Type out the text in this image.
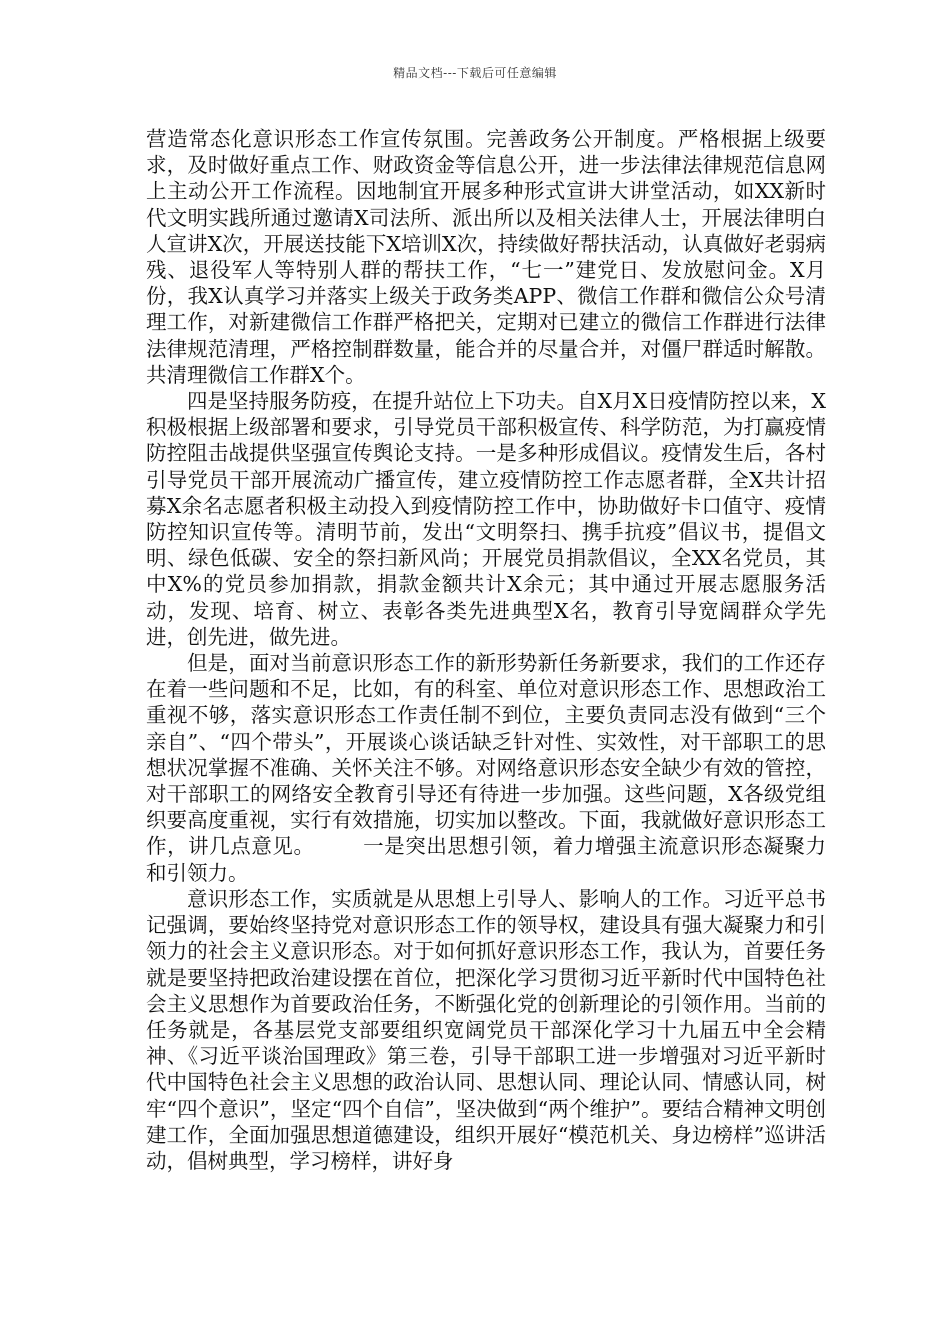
精品文档---下载后可任意编辑

营造常态化意识形态工作宣传氛围。完善政务公开制度。严格根据上级要求，及时做好重点工作、财政资金等信息公开，进一步法律法律规范信息网上主动公开工作流程。因地制宜开展多种形式宣讲大讲堂活动，如XX新时代文明实践所通过邀请X司法所、派出所以及相关法律人士，开展法律明白人宣讲X次，开展送技能下X培训X次，持续做好帮扶活动，认真做好老弱病残、退役军人等特别人群的帮扶工作，“七一”建党日、发放慰问金。X月份，我X认真学习并落实上级关于政务类APP、微信工作群和微信公众号清理工作，对新建微信工作群严格把关，定期对已建立的微信工作群进行法律法律规范清理，严格控制群数量，能合并的尽量合并，对僵尸群适时解散。共清理微信工作群X个。

四是坚持服务防疫，在提升站位上下功夫。自X月X日疫情防控以来，X积极根据上级部署和要求，引导党员干部积极宣传、科学防范，为打赢疫情防控阻击战提供坚强宣传舆论支持。一是多种形成倡议。疫情发生后，各村引导党员干部开展流动广播宣传，建立疫情防控工作志愿者群，全X共计招募X余名志愿者积极主动投入到疫情防控工作中，协助做好卡口值守、疫情防控知识宣传等。清明节前，发出“文明祭扫、携手抗疫”倡议书，提倡文明、绿色低碳、安全的祭扫新风尚；开展党员捐款倡议，全XX名党员，其中X%的党员参加捐款，捐款金额共计X余元；其中通过开展志愿服务活动，发现、培育、树立、表彰各类先进典型X名，教育引导宽阔群众学先进，创先进，做先进。

但是，面对当前意识形态工作的新形势新任务新要求，我们的工作还存在着一些问题和不足，比如，有的科室、单位对意识形态工作、思想政治工重视不够，落实意识形态工作责任制不到位，主要负责同志没有做到“三个亲自”、“四个带头”，开展谈心谈话缺乏针对性、实效性，对干部职工的思想状况掌握不准确、关怀关注不够。对网络意识形态安全缺少有效的管控，对干部职工的网络安全教育引导还有待进一步加强。这些问题，X各级党组织要高度重视，实行有效措施，切实加以整改。下面，我就做好意识形态工作，讲几点意见。 一是突出思想引领，着力增强主流意识形态凝聚力和引领力。

意识形态工作，实质就是从思想上引导人、影响人的工作。习近平总书记强调，要始终坚持党对意识形态工作的领导权，建设具有强大凝聚力和引领力的社会主义意识形态。对于如何抓好意识形态工作，我认为，首要任务就是要坚持把政治建设摆在首位，把深化学习贯彻习近平新时代中国特色社会主义思想作为首要政治任务，不断强化党的创新理论的引领作用。当前的任务就是，各基层党支部要组织宽阔党员干部深化学习十九届五中全会精神、《习近平谈治国理政》第三卷，引导干部职工进一步增强对习近平新时代中国特色社会主义思想的政治认同、思想认同、理论认同、情感认同，树牢“四个意识”，坚定“四个自信”，坚决做到“两个维护”。要结合精神文明创建工作，全面加强思想道德建设，组织开展好“模范机关、身边榜样”巡讲活动，倡树典型，学习榜样，讲好身
